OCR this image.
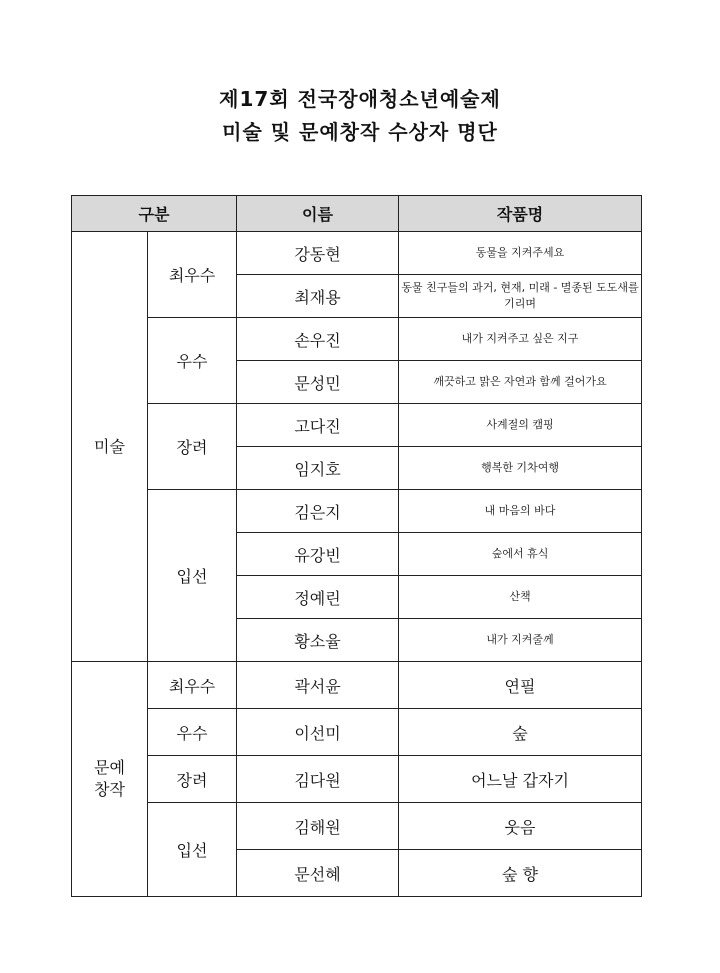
제17회 전국장애청소년예술제
미술 및 문예창작 수상자 명단
구분		이름	작품명
미술	최우수	강동현	동물을 지켜주세요
		최재용	동물 친구들의 과거, 현재, 미래 - 멸종된 도도새를 기리며
	우수	손우진	내가 지켜주고 싶은 지구
		문성민	깨끗하고 맑은 자연과 함께 걸어가요
	장려	고다진	사계절의 캠핑
		임지호	행복한 기차여행
	입선	김은지	내 마음의 바다
		유강빈	숲에서 휴식
		정예린	산책
		황소율	내가 지켜줄께
문예
창작	최우수	곽서윤	연필
	우수	이선미	숲
	장려	김다원	어느날 갑자기
	입선	김해원	웃음
		문선혜	숲 향
